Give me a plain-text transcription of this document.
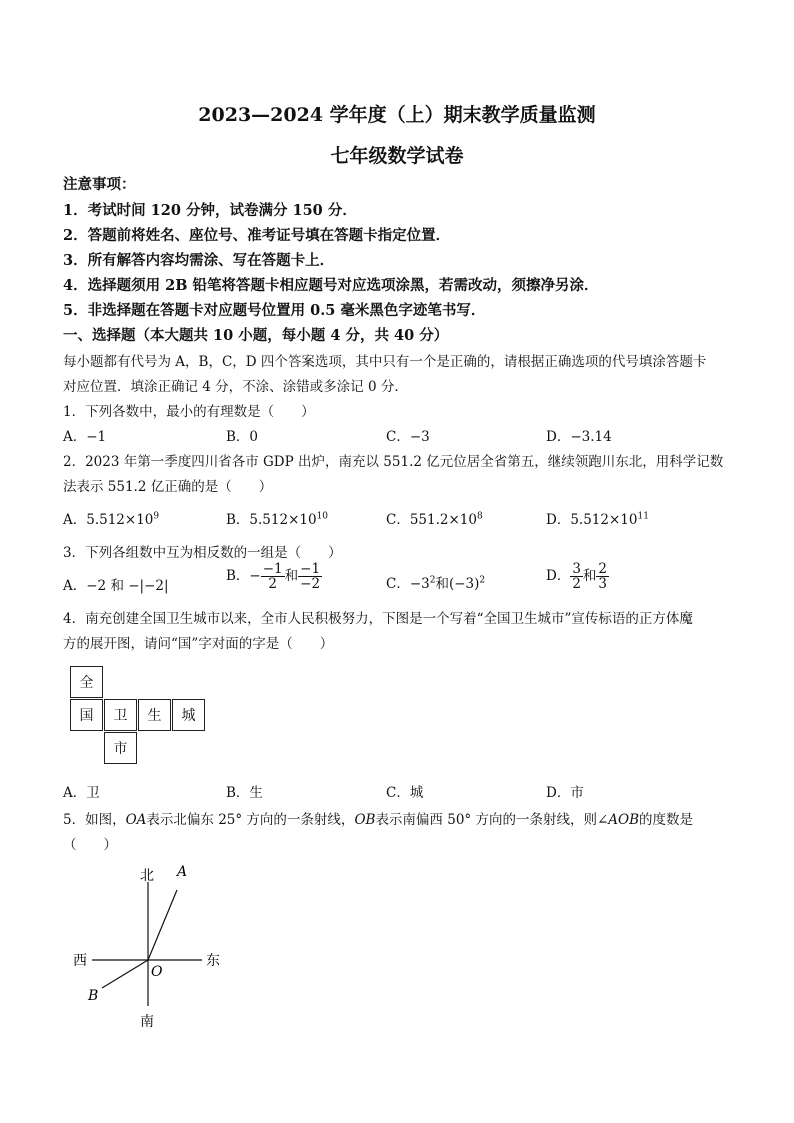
2023—2024 学年度（上）期末教学质量监测
七年级数学试卷
注意事项：
1．考试时间 120 分钟，试卷满分 150 分．
2．答题前将姓名、座位号、准考证号填在答题卡指定位置．
3．所有解答内容均需涂、写在答题卡上．
4．选择题须用 2B 铅笔将答题卡相应题号对应选项涂黑，若需改动，须擦净另涂．
5．非选择题在答题卡对应题号位置用 0.5 毫米黑色字迹笔书写．
一、选择题（本大题共 10 小题，每小题 4 分，共 40 分）
每小题都有代号为 A，B，C，D 四个答案选项，其中只有一个是正确的，请根据正确选项的代号填涂答题卡
对应位置．填涂正确记 4 分，不涂、涂错或多涂记 0 分．
1．下列各数中，最小的有理数是（　　）
A．−1	B．0	C．−3	D．−3.14
2．2023 年第一季度四川省各市 GDP 出炉，南充以 551.2 亿元位居全省第五，继续领跑川东北，用科学记数
法表示 551.2 亿正确的是（　　）
A．$5.512\times 10^9$	B．$5.512\times 10^{10}$	C．$551.2\times 10^8$	D．$5.512\times 10^{11}$
3．下列各组数中互为相反数的一组是（　　）
A．−2 和 −|−2|
B．− $\frac{-1}{2}$ 和 $\frac{-1}{-2}$	C．$-3^2$和$(-3)^2$	D． $\frac{3}{2}$ 和 $\frac{2}{3}$
4．南充创建全国卫生城市以来，全市人民积极努力，下图是一个写着“全国卫生城市”宣传标语的正方体魔
方的展开图，请问“国”字对面的字是（　　）
全
国	卫	生	城
市
A．卫	B．生	C．城	D．市
5．如图，OA表示北偏东 25° 方向的一条射线，OB表示南偏西 50° 方向的一条射线，则∠AOB的度数是
（　　）
北
南
东
西
A
B
O
